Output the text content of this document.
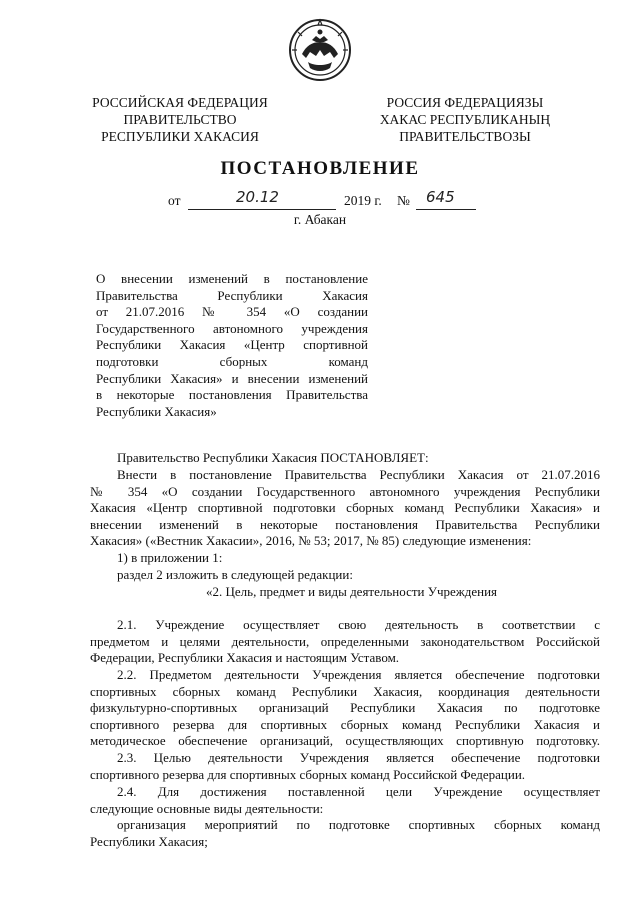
РОССИЙСКАЯ ФЕДЕРАЦИЯ
ПРАВИТЕЛЬСТВО
РЕСПУБЛИКИ ХАКАСИЯ
РОССИЯ ФЕДЕРАЦИЯЗЫ
ХАКАС РЕСПУБЛИКАНЫҢ
ПРАВИТЕЛЬСТВОЗЫ
ПОСТАНОВЛЕНИЕ
от	20.12	2019 г. № 645
г. Абакан
О внесении изменений в постановление
Правительства Республики Хакасия
от 21.07.2016 № 354 «О создании
Государственного автономного учреждения
Республики Хакасия «Центр спортивной
подготовки сборных команд
Республики Хакасия» и внесении изменений
в некоторые постановления Правительства
Республики Хакасия»
Правительство Республики Хакасия ПОСТАНОВЛЯЕТ:
Внести в постановление Правительства Республики Хакасия от 21.07.2016
№ 354 «О создании Государственного автономного учреждения Республики
Хакасия «Центр спортивной подготовки сборных команд Республики Хакасия» и
внесении изменений в некоторые постановления Правительства Республики
Хакасия» («Вестник Хакасии», 2016, № 53; 2017, № 85) следующие изменения:
1) в приложении 1:
раздел 2 изложить в следующей редакции:
«2. Цель, предмет и виды деятельности Учреждения
2.1. Учреждение осуществляет свою деятельность в соответствии с
предметом и целями деятельности, определенными законодательством Российской
Федерации, Республики Хакасия и настоящим Уставом.
2.2. Предметом деятельности Учреждения является обеспечение подготовки
спортивных сборных команд Республики Хакасия, координация деятельности
физкультурно-спортивных организаций Республики Хакасия по подготовке
спортивного резерва для спортивных сборных команд Республики Хакасия и
методическое обеспечение организаций, осуществляющих спортивную подготовку.
2.3. Целью деятельности Учреждения является обеспечение подготовки
спортивного резерва для спортивных сборных команд Российской Федерации.
2.4. Для достижения поставленной цели Учреждение осуществляет
следующие основные виды деятельности:
организация мероприятий по подготовке спортивных сборных команд
Республики Хакасия;
